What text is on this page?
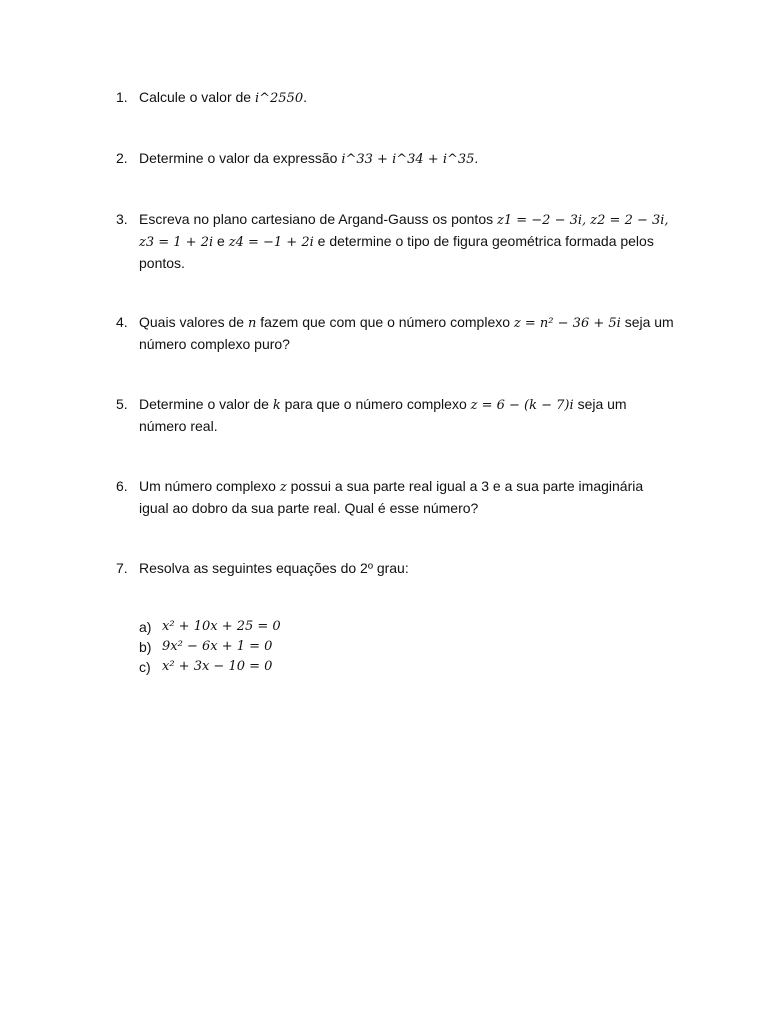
1. Calcule o valor de i^2550.
2. Determine o valor da expressão i^33 + i^34 + i^35.
3. Escreva no plano cartesiano de Argand-Gauss os pontos z1 = −2 − 3i, z2 = 2 − 3i, z3 = 1 + 2i e z4 = −1 + 2i e determine o tipo de figura geométrica formada pelos pontos.
4. Quais valores de n fazem que com que o número complexo z = n² − 36 + 5i seja um número complexo puro?
5. Determine o valor de k para que o número complexo z = 6 − (k − 7)i seja um número real.
6. Um número complexo z possui a sua parte real igual a 3 e a sua parte imaginária igual ao dobro da sua parte real. Qual é esse número?
7. Resolva as seguintes equações do 2º grau:
a) x² + 10x + 25 = 0
b) 9x² − 6x + 1 = 0
c) x² + 3x − 10 = 0
